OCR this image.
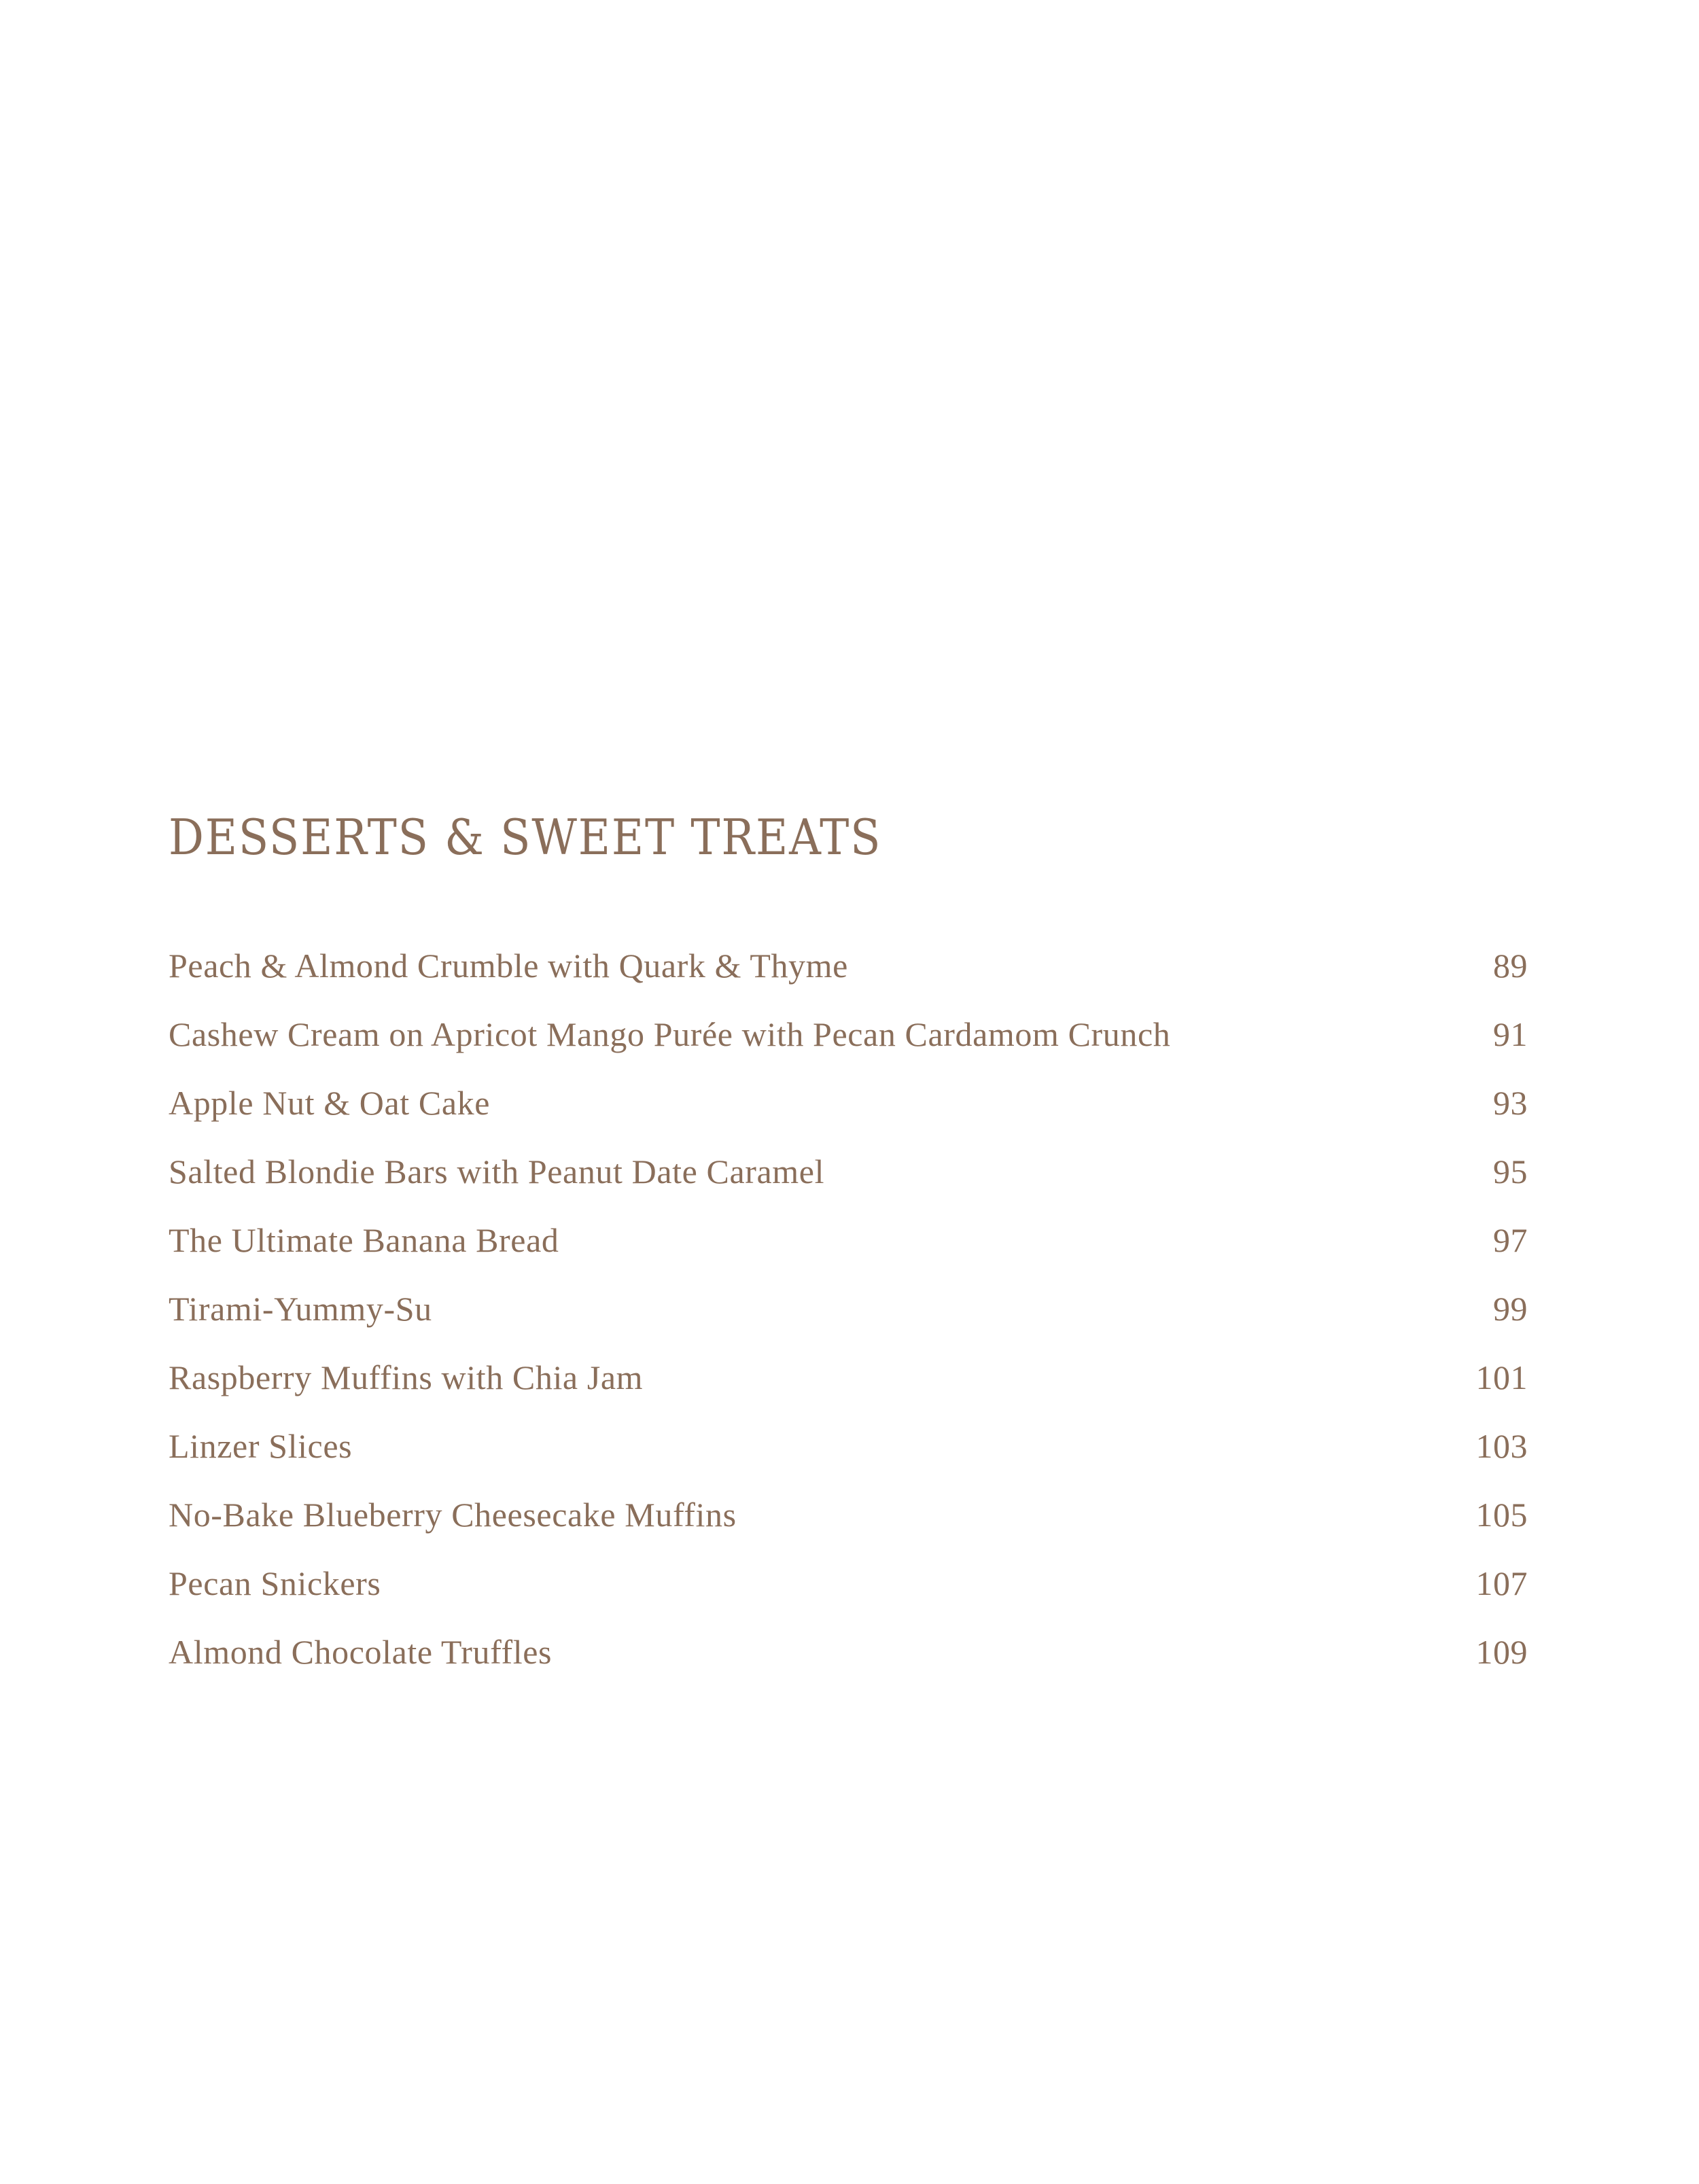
DESSERTS & SWEET TREATS
Peach & Almond Crumble with Quark & Thyme	89
Cashew Cream on Apricot Mango Purée with Pecan Cardamom Crunch	91
Apple Nut & Oat Cake	93
Salted Blondie Bars with Peanut Date Caramel	95
The Ultimate Banana Bread	97
Tirami-Yummy-Su	99
Raspberry Muffins with Chia Jam	101
Linzer Slices	103
No-Bake Blueberry Cheesecake Muffins	105
Pecan Snickers	107
Almond Chocolate Truffles	109
